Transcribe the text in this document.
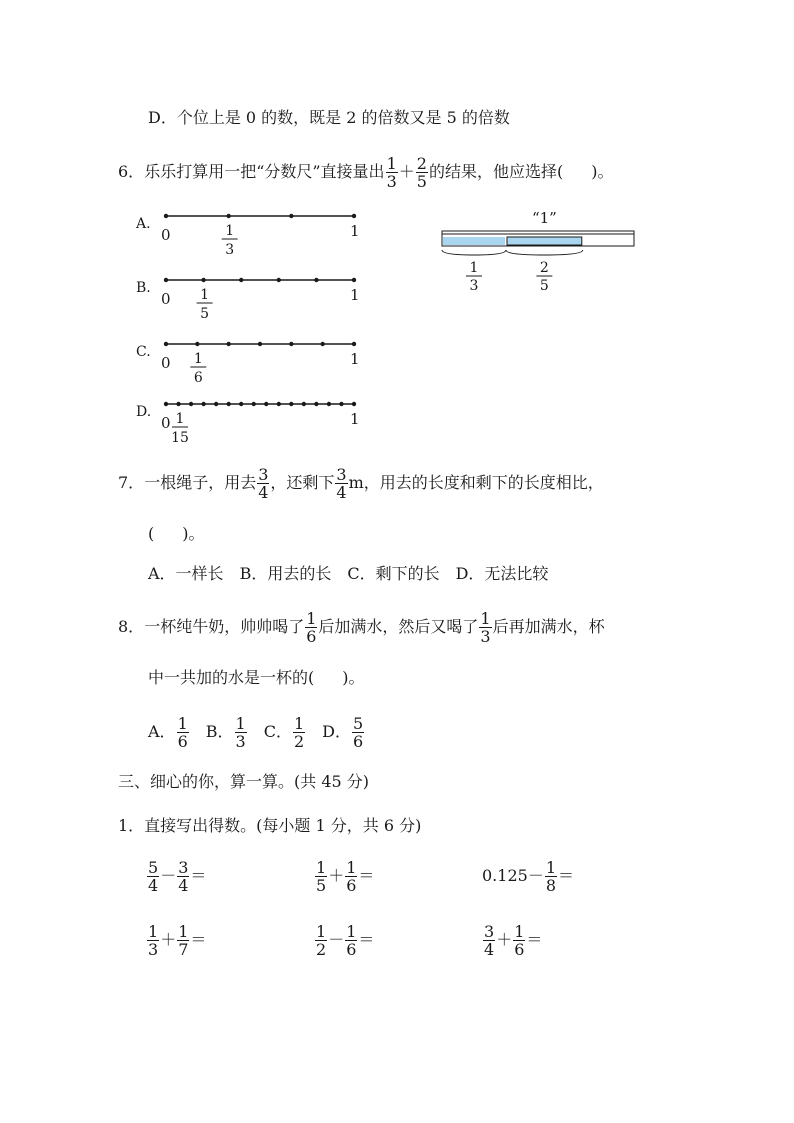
D．个位上是 0 的数，既是 2 的倍数又是 5 的倍数
6． 乐乐打算用一把“分数尺”直接量出 $\frac{1}{3} + \frac{2}{5}$ 的结果，他应选择( )。
A.
0	1
1
3
B.
0	1
1
5
C.
0	1
1
6
D.
0	1
1
15
“1”
1
3
2
5
7． 一根绳子，用去 $\frac{3}{4}$ ，还剩下 $\frac{3}{4}$ m，用去的长度和剩下的长度相比，
( )。
A．一样长 B．用去的长 C．剩下的长 D．无法比较
8． 一杯纯牛奶，帅帅喝了 $\frac{1}{6}$ 后加满水，然后又喝了 $\frac{1}{3}$ 后再加满水，杯
中一共加的水是一杯的( )。
A． $\frac{1}{6}$ B． $\frac{1}{3}$ C． $\frac{1}{2}$ D． $\frac{5}{6}$
三、细心的你，算一算。(共 45 分)
1．直接写出得数。(每小题 1 分，共 6 分)
$\frac{5}{4} - \frac{3}{4}$ ＝	$\frac{1}{5} + \frac{1}{6}$ ＝	$0.125 - \frac{1}{8}$ ＝
$\frac{1}{3} + \frac{1}{7}$ ＝	$\frac{1}{2} - \frac{1}{6}$ ＝	$\frac{3}{4} + \frac{1}{6}$ ＝
